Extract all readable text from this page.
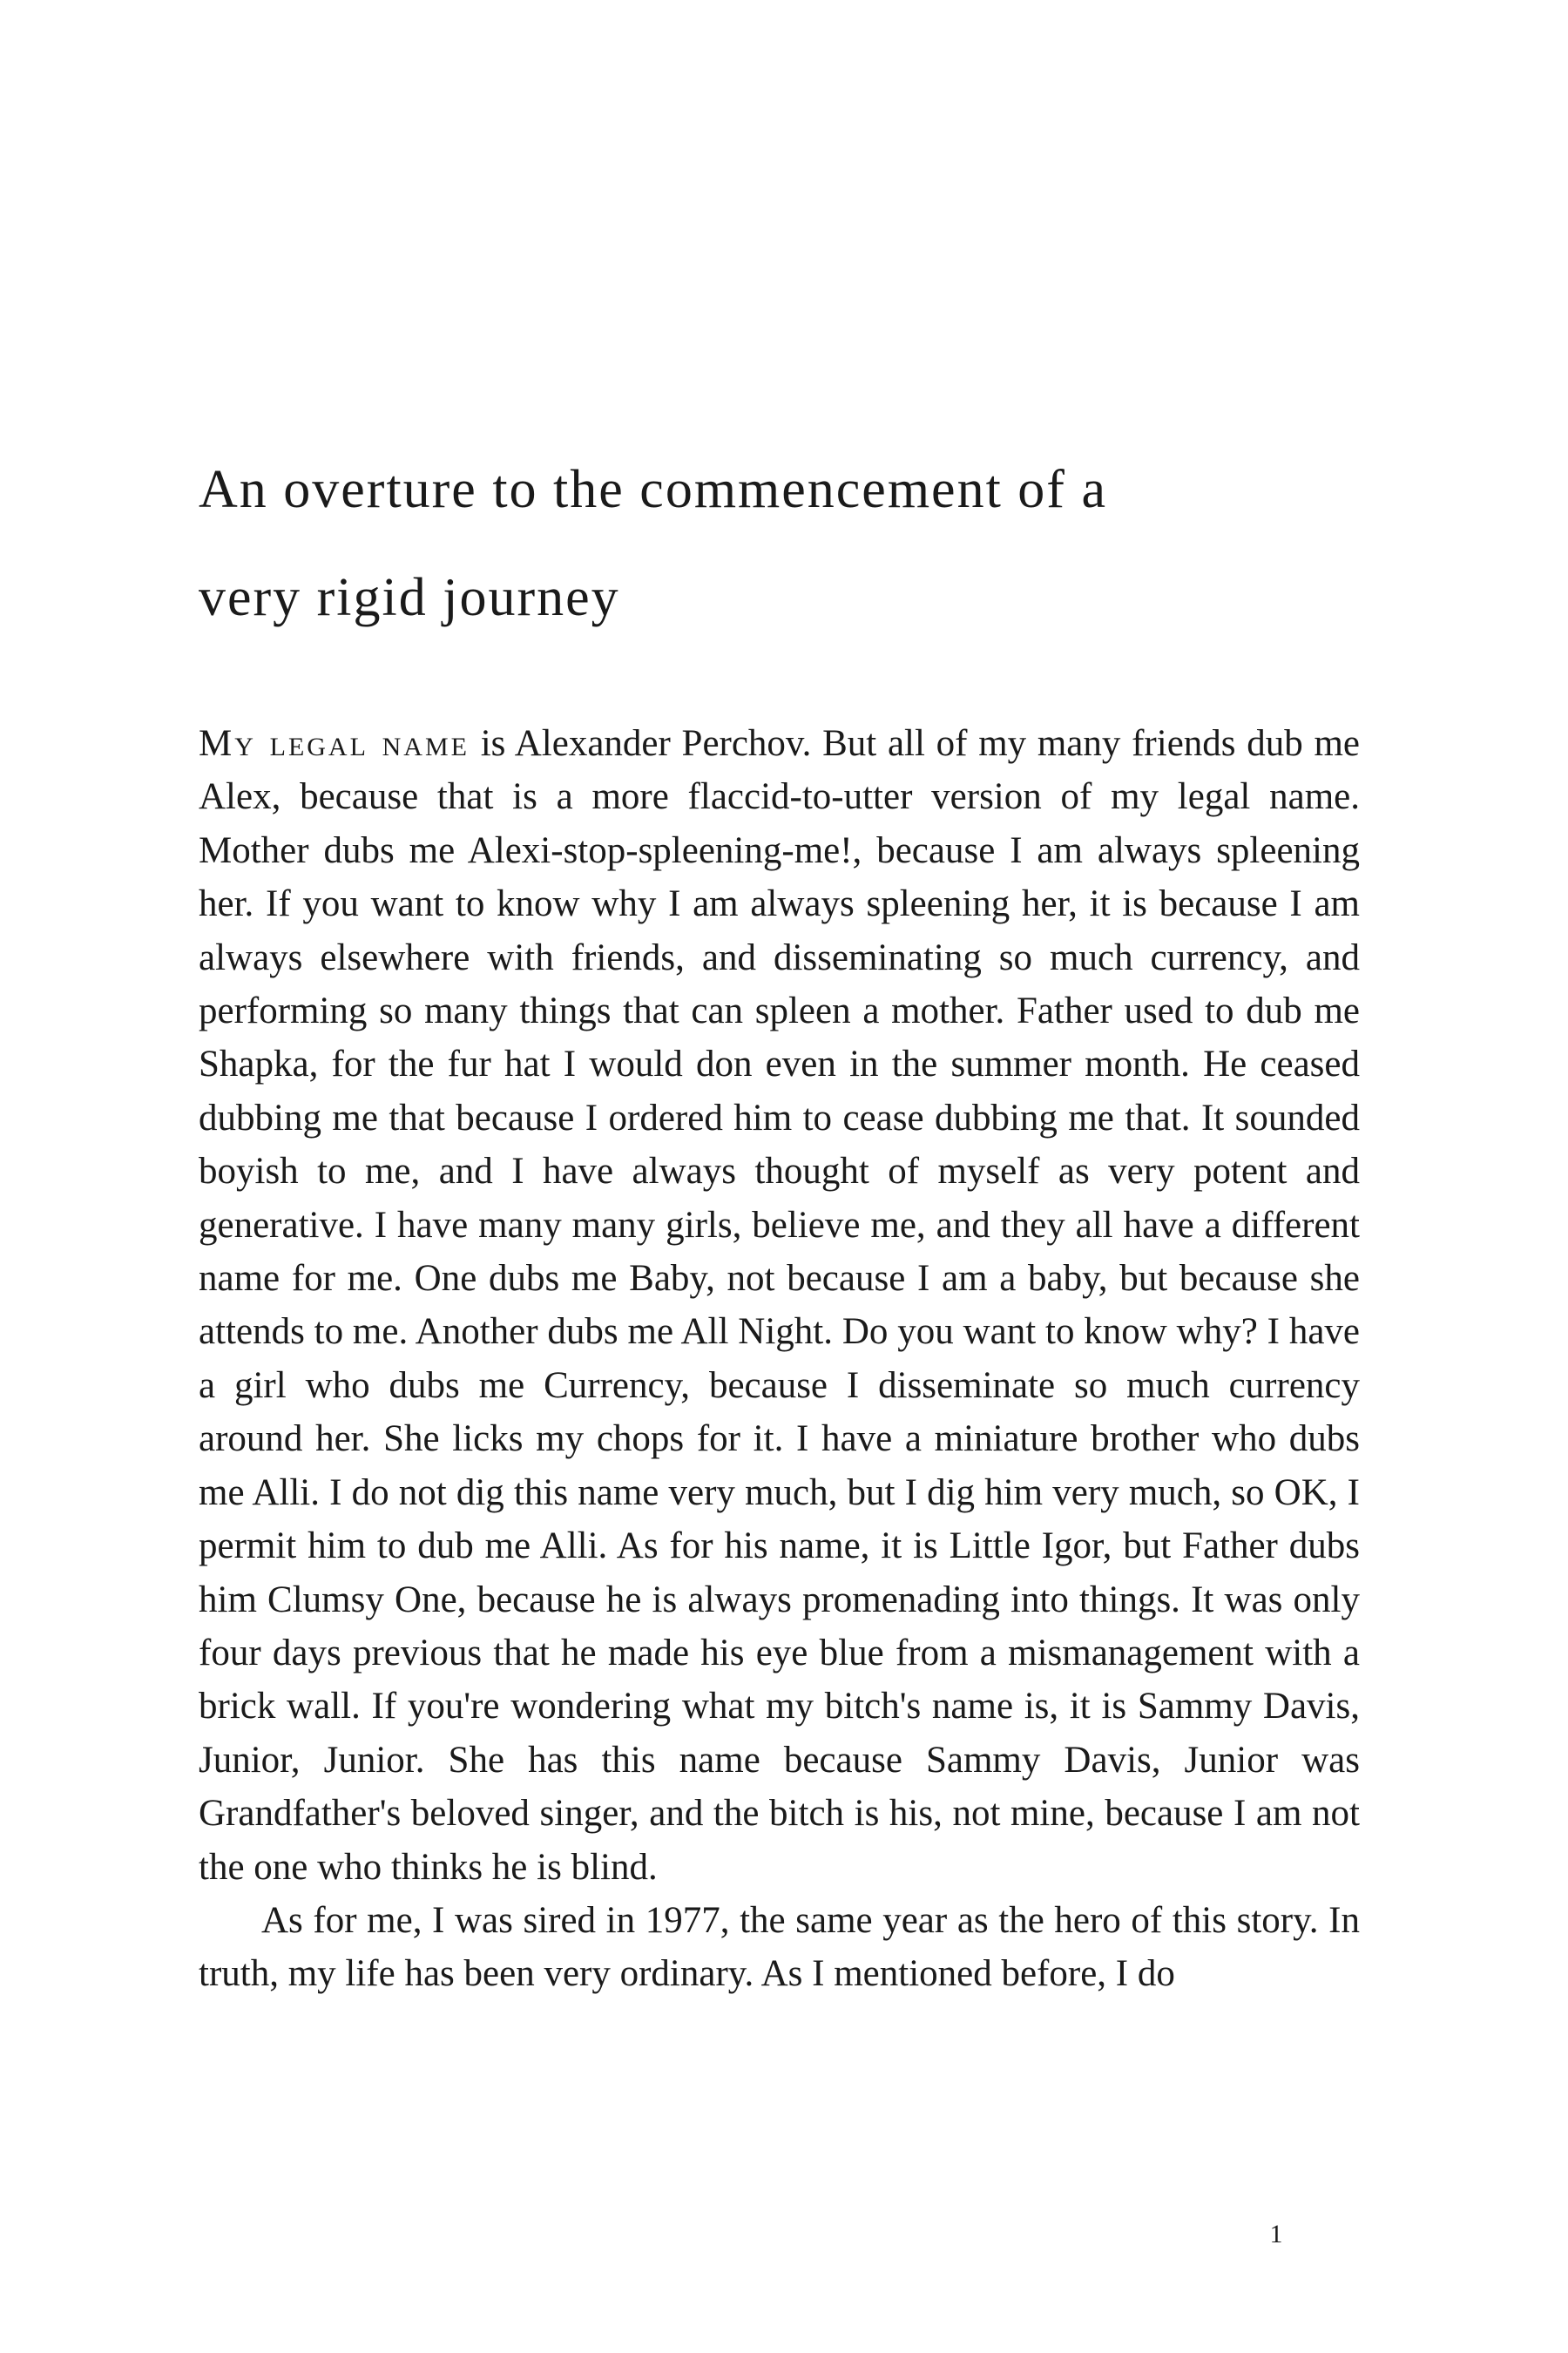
An overture to the commencement of a
very rigid journey

My legal name is Alexander Perchov. But all of my many friends dub me Alex, because that is a more flaccid-to-utter version of my legal name. Mother dubs me Alexi-stop-spleening-me!, because I am always spleening her. If you want to know why I am always spleening her, it is because I am always elsewhere with friends, and disseminating so much currency, and performing so many things that can spleen a mother. Father used to dub me Shapka, for the fur hat I would don even in the summer month. He ceased dubbing me that because I ordered him to cease dubbing me that. It sounded boyish to me, and I have always thought of myself as very potent and generative. I have many many girls, believe me, and they all have a different name for me. One dubs me Baby, not because I am a baby, but because she attends to me. Another dubs me All Night. Do you want to know why? I have a girl who dubs me Currency, because I disseminate so much currency around her. She licks my chops for it. I have a miniature brother who dubs me Alli. I do not dig this name very much, but I dig him very much, so OK, I permit him to dub me Alli. As for his name, it is Little Igor, but Father dubs him Clumsy One, because he is always promenading into things. It was only four days previous that he made his eye blue from a mismanagement with a brick wall. If you're wondering what my bitch's name is, it is Sammy Davis, Junior, Junior. She has this name because Sammy Davis, Junior was Grandfather's beloved singer, and the bitch is his, not mine, because I am not the one who thinks he is blind.

As for me, I was sired in 1977, the same year as the hero of this story. In truth, my life has been very ordinary. As I mentioned before, I do

1
